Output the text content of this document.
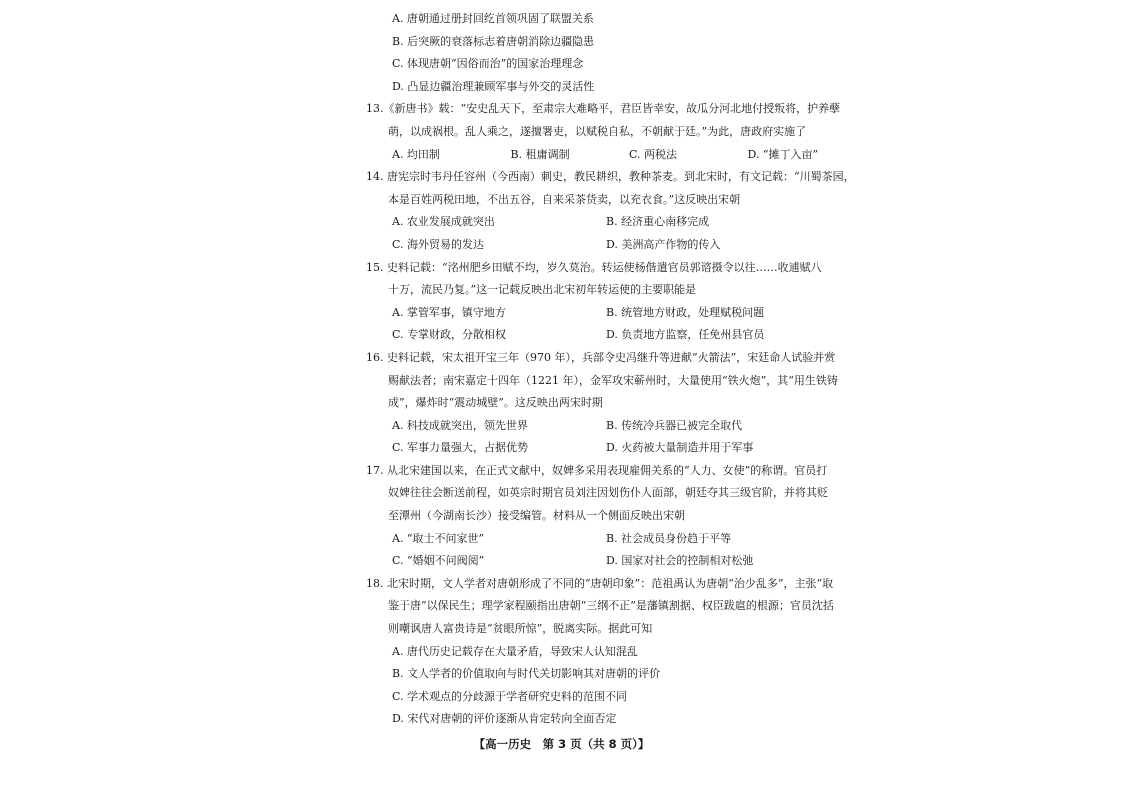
A. 唐朝通过册封回纥首领巩固了联盟关系
B. 后突厥的衰落标志着唐朝消除边疆隐患
C. 体现唐朝“因俗而治”的国家治理理念
D. 凸显边疆治理兼顾军事与外交的灵活性
13.《新唐书》载：“安史乱天下，至肃宗大难略平，君臣皆幸安，故瓜分河北地付授叛将，护养孽
萌，以成祸根。乱人乘之，遂擅署吏，以赋税自私，不朝献于廷。”为此，唐政府实施了
A. 均田制	B. 租庸调制	C. 两税法	D. “摊丁入亩”
14. 唐宪宗时韦丹任容州（今西南）刺史，教民耕织，教种茶麦。到北宋时，有文记载：“川蜀茶园，
本是百姓两税田地，不出五谷，自来采茶货卖，以充衣食。”这反映出宋朝
A. 农业发展成就突出	B. 经济重心南移完成
C. 海外贸易的发达	D. 美洲高产作物的传入
15. 史料记载：“洺州肥乡田赋不均，岁久莫治。转运使杨偕遣官员郭谘摄令以往……收逋赋八
十万，流民乃复。”这一记载反映出北宋初年转运使的主要职能是
A. 掌管军事，镇守地方	B. 统管地方财政，处理赋税问题
C. 专掌财政，分散相权	D. 负责地方监察，任免州县官员
16. 史料记载，宋太祖开宝三年（970 年），兵部令史冯继升等进献“火箭法”，宋廷命人试验并赏
赐献法者；南宋嘉定十四年（1221 年），金军攻宋蕲州时，大量使用“铁火炮”，其“用生铁铸
成”，爆炸时“震动城壁”。这反映出两宋时期
A. 科技成就突出，领先世界	B. 传统冷兵器已被完全取代
C. 军事力量强大，占据优势	D. 火药被大量制造并用于军事
17. 从北宋建国以来，在正式文献中，奴婢多采用表现雇佣关系的“人力、女使”的称谓。官员打
奴婢往往会断送前程，如英宗时期官员刘注因划伤仆人面部，朝廷夺其三级官阶，并将其贬
至潭州（今湖南长沙）接受编管。材料从一个侧面反映出宋朝
A. “取士不问家世”	B. 社会成员身份趋于平等
C. “婚姻不问阀阅”	D. 国家对社会的控制相对松弛
18. 北宋时期，文人学者对唐朝形成了不同的“唐朝印象”：范祖禹认为唐朝“治少乱多”，主张“取
鉴于唐”以保民生；理学家程颐指出唐朝“三纲不正”是藩镇割据、权臣跋扈的根源；官员沈括
则嘲讽唐人富贵诗是“贫眼所惊”，脱离实际。据此可知
A. 唐代历史记载存在大量矛盾，导致宋人认知混乱
B. 文人学者的价值取向与时代关切影响其对唐朝的评价
C. 学术观点的分歧源于学者研究史料的范围不同
D. 宋代对唐朝的评价逐渐从肯定转向全面否定
【高一历史　第 3 页（共 8 页）】
